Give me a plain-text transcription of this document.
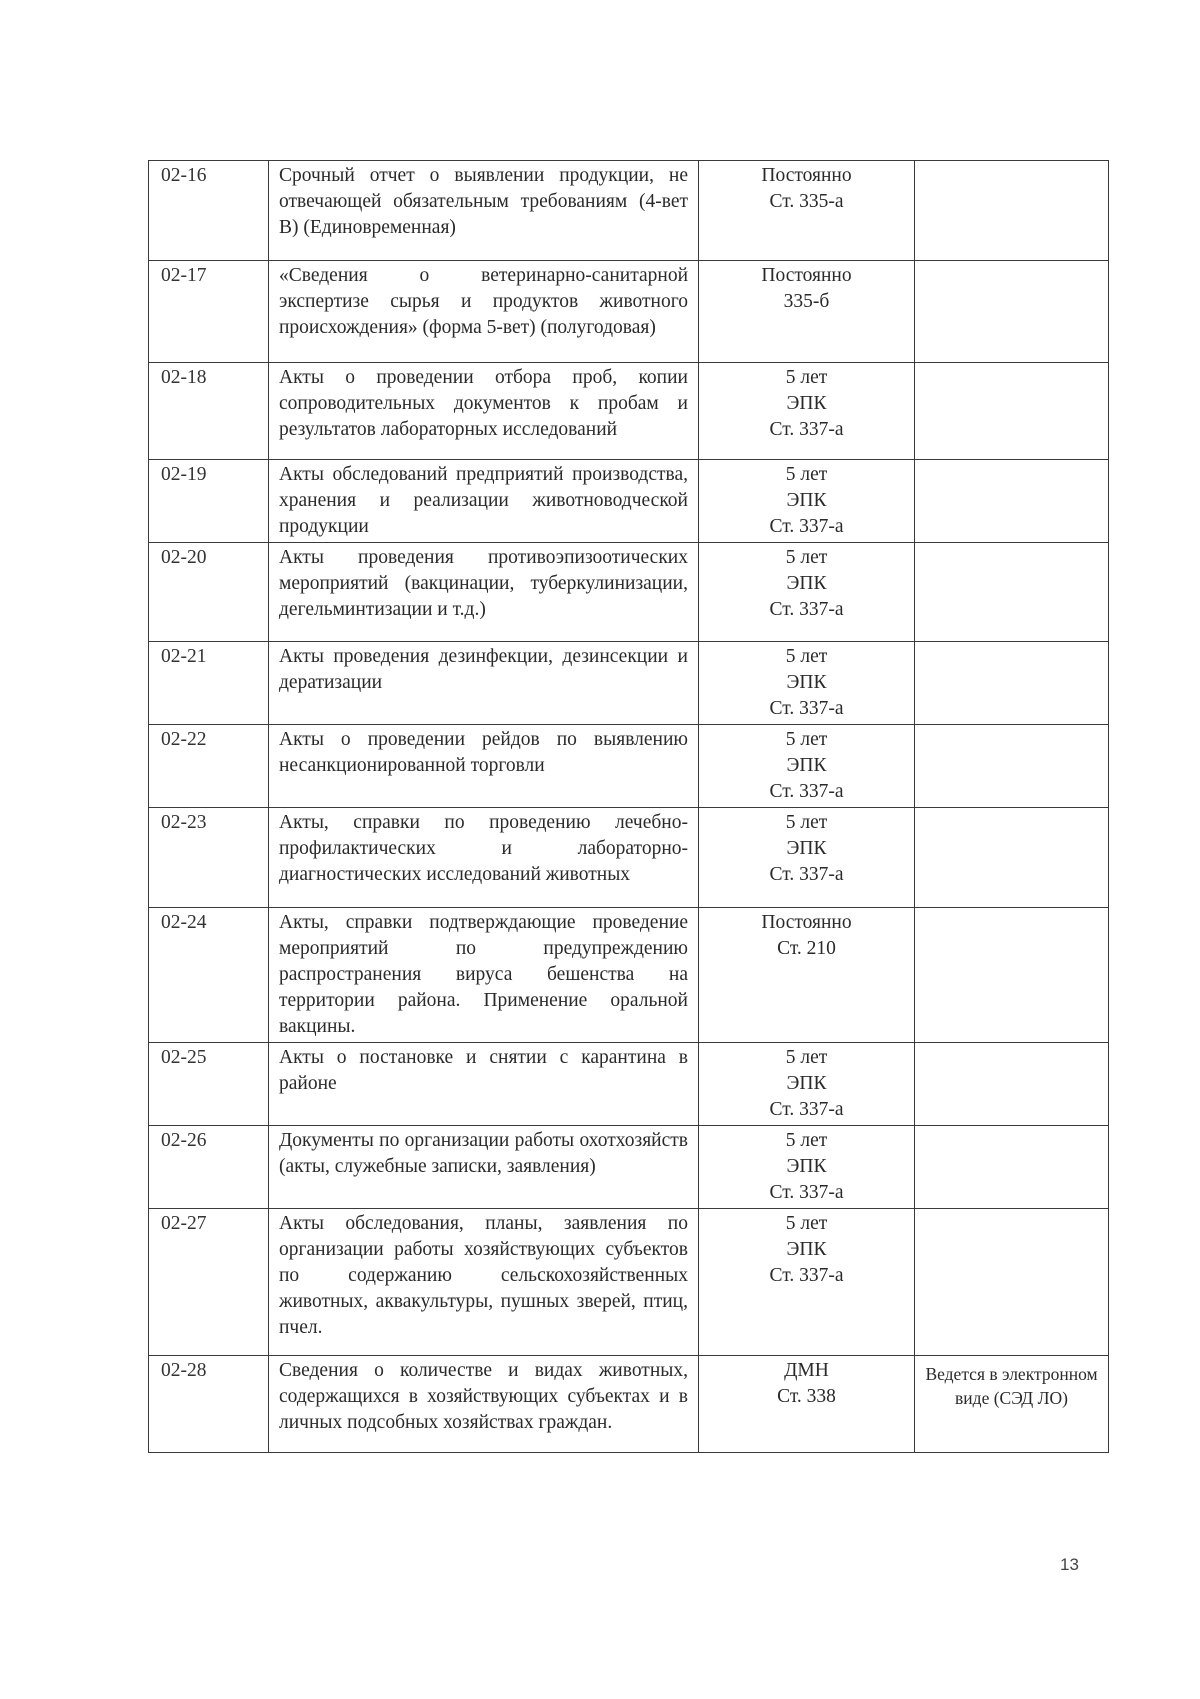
02-16	Срочный отчет о выявлении продукции, не отвечающей обязательным требованиям (4-вет В) (Единовременная)	Постоянно
Ст. 335-а	

02-17	«Сведения о ветеринарно-санитарной экспертизе сырья и продуктов животного происхождения» (форма 5-вет) (полугодовая)	Постоянно
335-б	

02-18	Акты о проведении отбора проб, копии сопроводительных документов к пробам и результатов лабораторных исследований	5 лет
ЭПК
Ст. 337-а	

02-19	Акты обследований предприятий производства, хранения и реализации животноводческой продукции	5 лет
ЭПК
Ст. 337-а	

02-20	Акты проведения противоэпизоотических мероприятий (вакцинации, туберкулинизации, дегельминтизации и т.д.)	5 лет
ЭПК
Ст. 337-а	

02-21	Акты проведения дезинфекции, дезинсекции и дератизации	5 лет
ЭПК
Ст. 337-а	

02-22	Акты о проведении рейдов по выявлению несанкционированной торговли	5 лет
ЭПК
Ст. 337-а	

02-23	Акты, справки по проведению лечебно-профилактических и лабораторно-диагностических исследований животных	5 лет
ЭПК
Ст. 337-а	

02-24	Акты, справки подтверждающие проведение мероприятий по предупреждению распространения вируса бешенства на территории района. Применение оральной вакцины.	Постоянно
Ст. 210	

02-25	Акты о постановке и снятии с карантина в районе	5 лет
ЭПК
Ст. 337-а	

02-26	Документы по организации работы охотхозяйств (акты, служебные записки, заявления)	5 лет
ЭПК
Ст. 337-а	

02-27	Акты обследования, планы, заявления по организации работы хозяйствующих субъектов по содержанию сельскохозяйственных животных, аквакультуры, пушных зверей, птиц, пчел.	5 лет
ЭПК
Ст. 337-а	

02-28	Сведения о количестве и видах животных, содержащихся в хозяйствующих субъектах и в личных подсобных хозяйствах граждан.	ДМН
Ст. 338	Ведется в электронном виде (СЭД ЛО)
13
